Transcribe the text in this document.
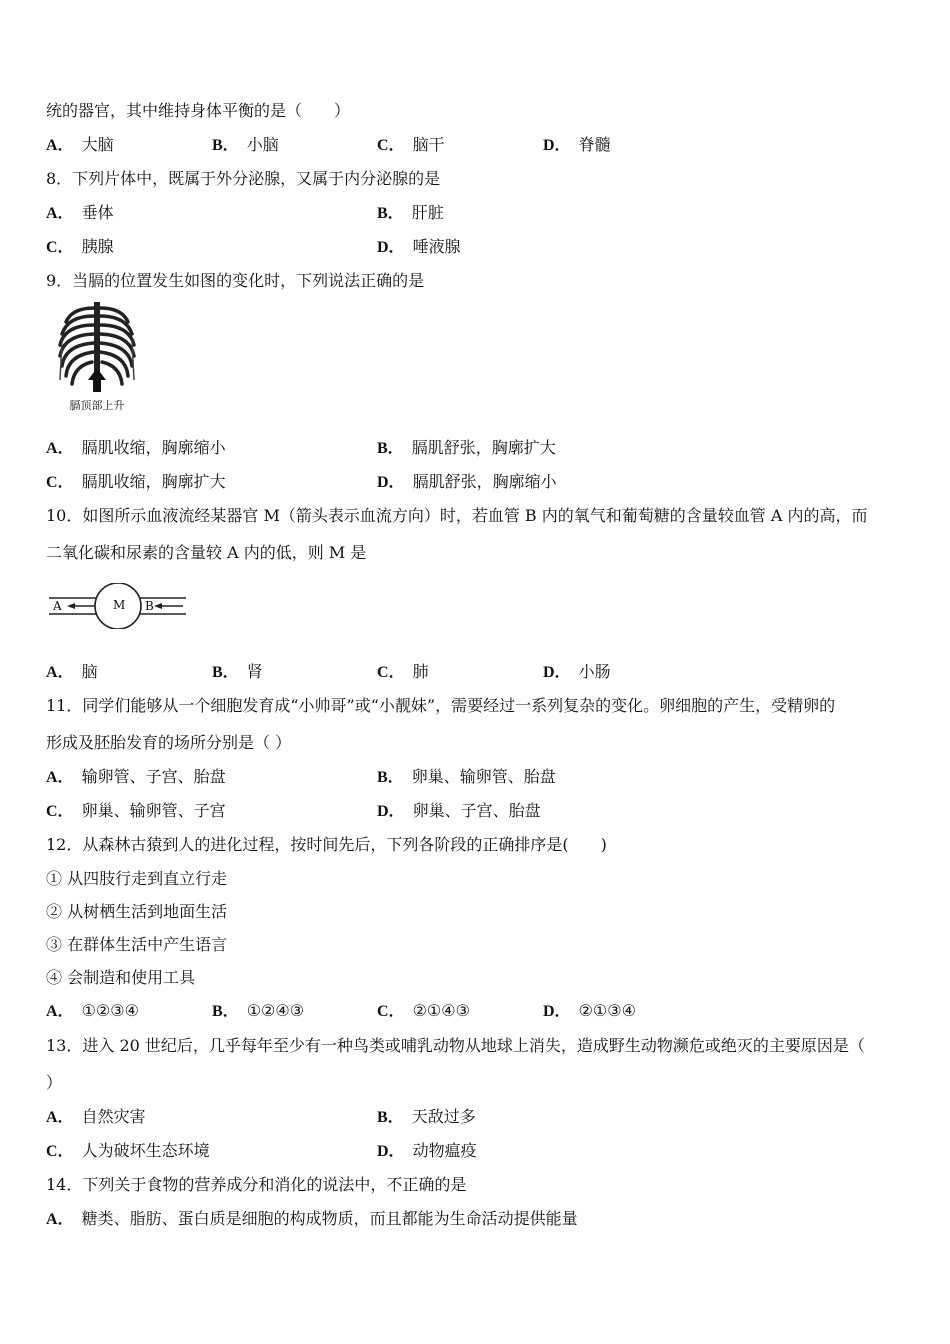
统的器官，其中维持身体平衡的是（　　）
A． 大脑	B． 小脑	C． 脑干	D． 脊髓
8．下列片体中，既属于外分泌腺，又属于内分泌腺的是
A． 垂体	B． 肝脏
C． 胰腺	D． 唾液腺
9．当膈的位置发生如图的变化时，下列说法正确的是
膈顶部上升
A． 膈肌收缩，胸廓缩小	B． 膈肌舒张，胸廓扩大
C． 膈肌收缩，胸廓扩大	D． 膈肌舒张，胸廓缩小
10．如图所示血液流经某器官 M（箭头表示血流方向）时，若血管 B 内的氧气和葡萄糖的含量较血管 A 内的高，而
二氧化碳和尿素的含量较 A 内的低，则 M 是
A	M B
A． 脑	B． 肾	C． 肺	D． 小肠
11．同学们能够从一个细胞发育成“小帅哥”或“小靓妹”，需要经过一系列复杂的变化。卵细胞的产生，受精卵的
形成及胚胎发育的场所分别是（ ）
A． 输卵管、子宫、胎盘	B． 卵巢、输卵管、胎盘
C． 卵巢、输卵管、子宫	D． 卵巢、子宫、胎盘
12．从森林古猿到人的进化过程，按时间先后，下列各阶段的正确排序是(　　)
① 从四肢行走到直立行走
② 从树栖生活到地面生活
③ 在群体生活中产生语言
④ 会制造和使用工具
A． ①②③④	B． ①②④③	C． ②①④③	D． ②①③④
13．进入 20 世纪后，几乎每年至少有一种鸟类或哺乳动物从地球上消失，造成野生动物濒危或绝灭的主要原因是（
）
A． 自然灾害	B． 天敌过多
C． 人为破坏生态环境	D． 动物瘟疫
14．下列关于食物的营养成分和消化的说法中，不正确的是
A． 糖类、脂肪、蛋白质是细胞的构成物质，而且都能为生命活动提供能量
